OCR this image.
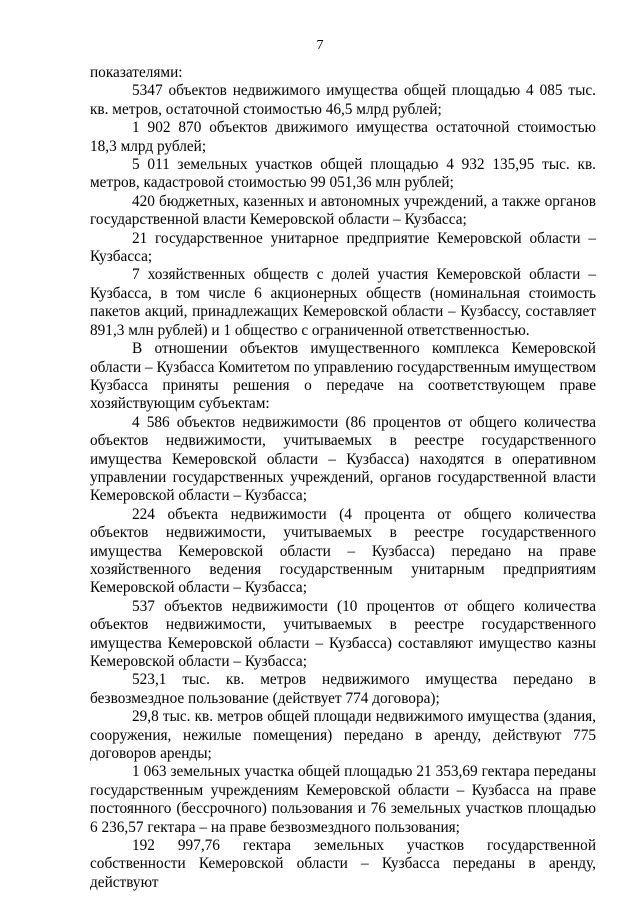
7

показателями:

5347 объектов недвижимого имущества общей площадью 4 085 тыс. кв. метров, остаточной стоимостью 46,5 млрд рублей;

1 902 870 объектов движимого имущества остаточной стоимостью 18,3 млрд рублей;

5 011 земельных участков общей площадью 4 932 135,95 тыс. кв. метров, кадастровой стоимостью 99 051,36 млн рублей;

420 бюджетных, казенных и автономных учреждений, а также органов государственной власти Кемеровской области – Кузбасса;

21 государственное унитарное предприятие Кемеровской области – Кузбасса;

7 хозяйственных обществ с долей участия Кемеровской области – Кузбасса, в том числе 6 акционерных обществ (номинальная стоимость пакетов акций, принадлежащих Кемеровской области – Кузбассу, составляет 891,3 млн рублей) и 1 общество с ограниченной ответственностью.

В отношении объектов имущественного комплекса Кемеровской области – Кузбасса Комитетом по управлению государственным имуществом Кузбасса приняты решения о передаче на соответствующем праве хозяйствующим субъектам:

4 586 объектов недвижимости (86 процентов от общего количества объектов недвижимости, учитываемых в реестре государственного имущества Кемеровской области – Кузбасса) находятся в оперативном управлении государственных учреждений, органов государственной власти Кемеровской области – Кузбасса;

224 объекта недвижимости (4 процента от общего количества объектов недвижимости, учитываемых в реестре государственного имущества Кемеровской области – Кузбасса) передано на праве хозяйственного ведения государственным унитарным предприятиям Кемеровской области – Кузбасса;

537 объектов недвижимости (10 процентов от общего количества объектов недвижимости, учитываемых в реестре государственного имущества Кемеровской области – Кузбасса) составляют имущество казны Кемеровской области – Кузбасса;

523,1 тыс. кв. метров недвижимого имущества передано в безвозмездное пользование (действует 774 договора);

29,8 тыс. кв. метров общей площади недвижимого имущества (здания, сооружения, нежилые помещения) передано в аренду, действуют 775 договоров аренды;

1 063 земельных участка общей площадью 21 353,69 гектара переданы государственным учреждениям Кемеровской области – Кузбасса на праве постоянного (бессрочного) пользования и 76 земельных участков площадью 6 236,57 гектара – на праве безвозмездного пользования;

192 997,76 гектара земельных участков государственной собственности Кемеровской области – Кузбасса переданы в аренду, действуют
